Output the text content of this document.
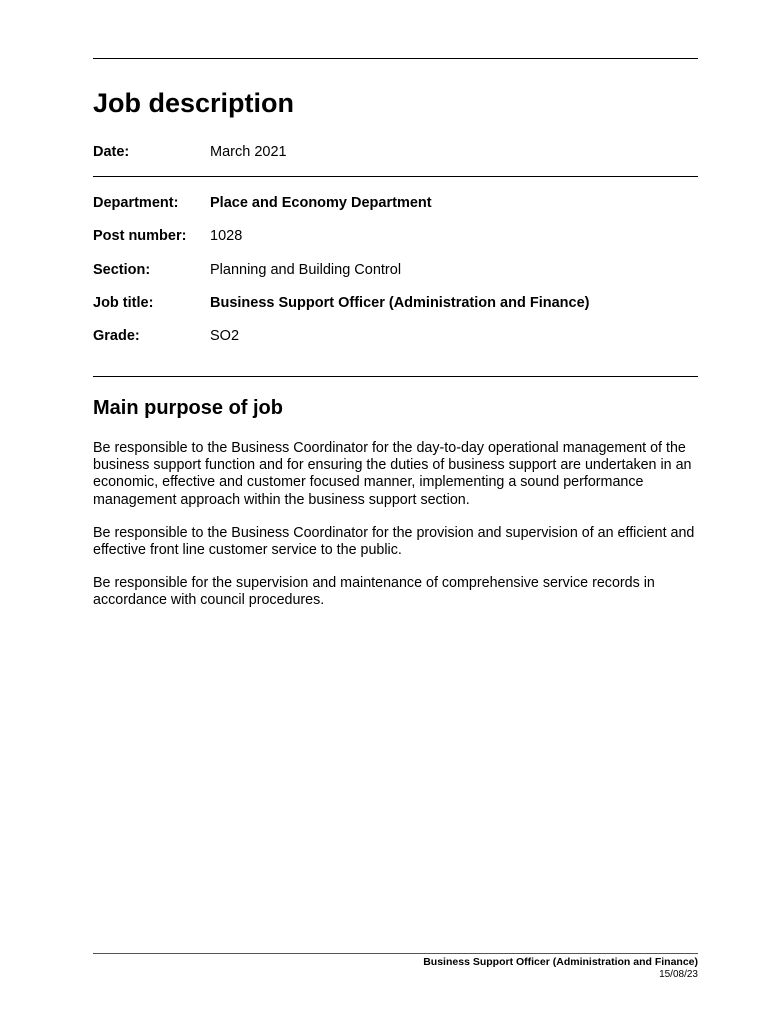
Job description
Date:	March 2021
Department: Place and Economy Department
Post number: 1028
Section:	Planning and Building Control
Job title:	Business Support Officer (Administration and Finance)
Grade:	SO2
Main purpose of job

Be responsible to the Business Coordinator for the day-to-day operational management of the business support function and for ensuring the duties of business support are undertaken in an economic, effective and customer focused manner, implementing a sound performance management approach within the business support section.

Be responsible to the Business Coordinator for the provision and supervision of an efficient and effective front line customer service to the public.

Be responsible for the supervision and maintenance of comprehensive service records in accordance with council procedures.

Business Support Officer (Administration and Finance)
15/08/23
